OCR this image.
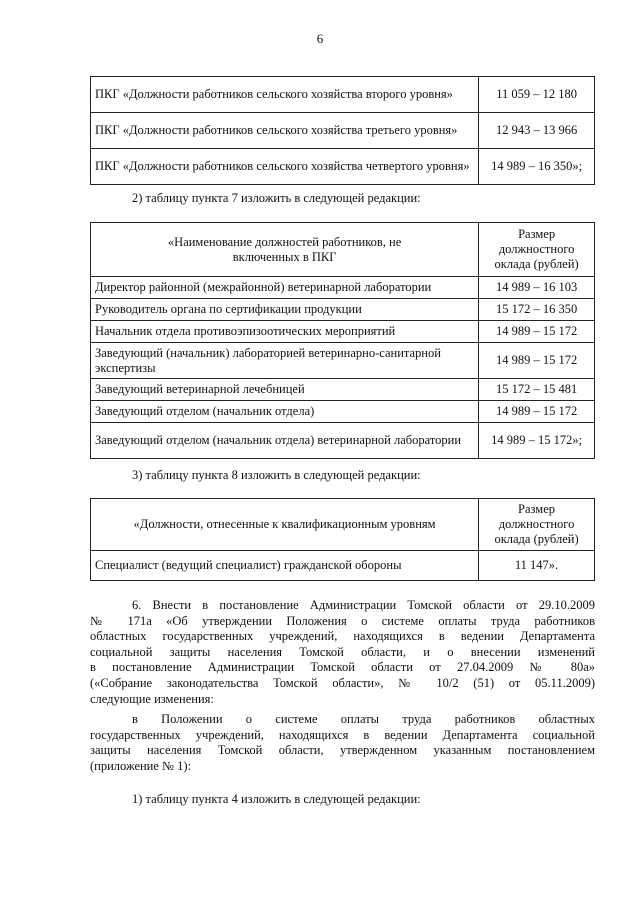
6
ПКГ «Должности работников сельского хозяйства второго уровня»	11 059 – 12 180
ПКГ «Должности работников сельского хозяйства третьего уровня»	12 943 – 13 966
ПКГ «Должности работников сельского хозяйства четвертого уровня»	14 989 – 16 350»;
2) таблицу пункта 7 изложить в следующей редакции:
«Наименование должностей работников, не включенных в ПКГ	Размер должностного оклада (рублей)
Директор районной (межрайонной) ветеринарной лаборатории	14 989 – 16 103
Руководитель органа по сертификации продукции	15 172 – 16 350
Начальник отдела противоэпизоотических мероприятий	14 989 – 15 172
Заведующий (начальник) лабораторией ветеринарно-санитарной экспертизы	14 989 – 15 172
Заведующий ветеринарной лечебницей	15 172 – 15 481
Заведующий отделом (начальник отдела)	14 989 – 15 172
Заведующий отделом (начальник отдела) ветеринарной лаборатории	14 989 – 15 172»;
3) таблицу пункта 8 изложить в следующей редакции:
«Должности, отнесенные к квалификационным уровням	Размер должностного оклада (рублей)
Специалист (ведущий специалист) гражданской обороны	11 147».
6. Внести в постановление Администрации Томской области от 29.10.2009
№ 171а «Об утверждении Положения о системе оплаты труда работников
областных государственных учреждений, находящихся в ведении Департамента
социальной защиты населения Томской области, и о внесении изменений
в постановление Администрации Томской области от 27.04.2009 № 80а»
(«Собрание законодательства Томской области», № 10/2 (51) от 05.11.2009)
следующие изменения:
в Положении о системе оплаты труда работников областных
государственных учреждений, находящихся в ведении Департамента социальной
защиты населения Томской области, утвержденном указанным постановлением
(приложение № 1):
1) таблицу пункта 4 изложить в следующей редакции:
